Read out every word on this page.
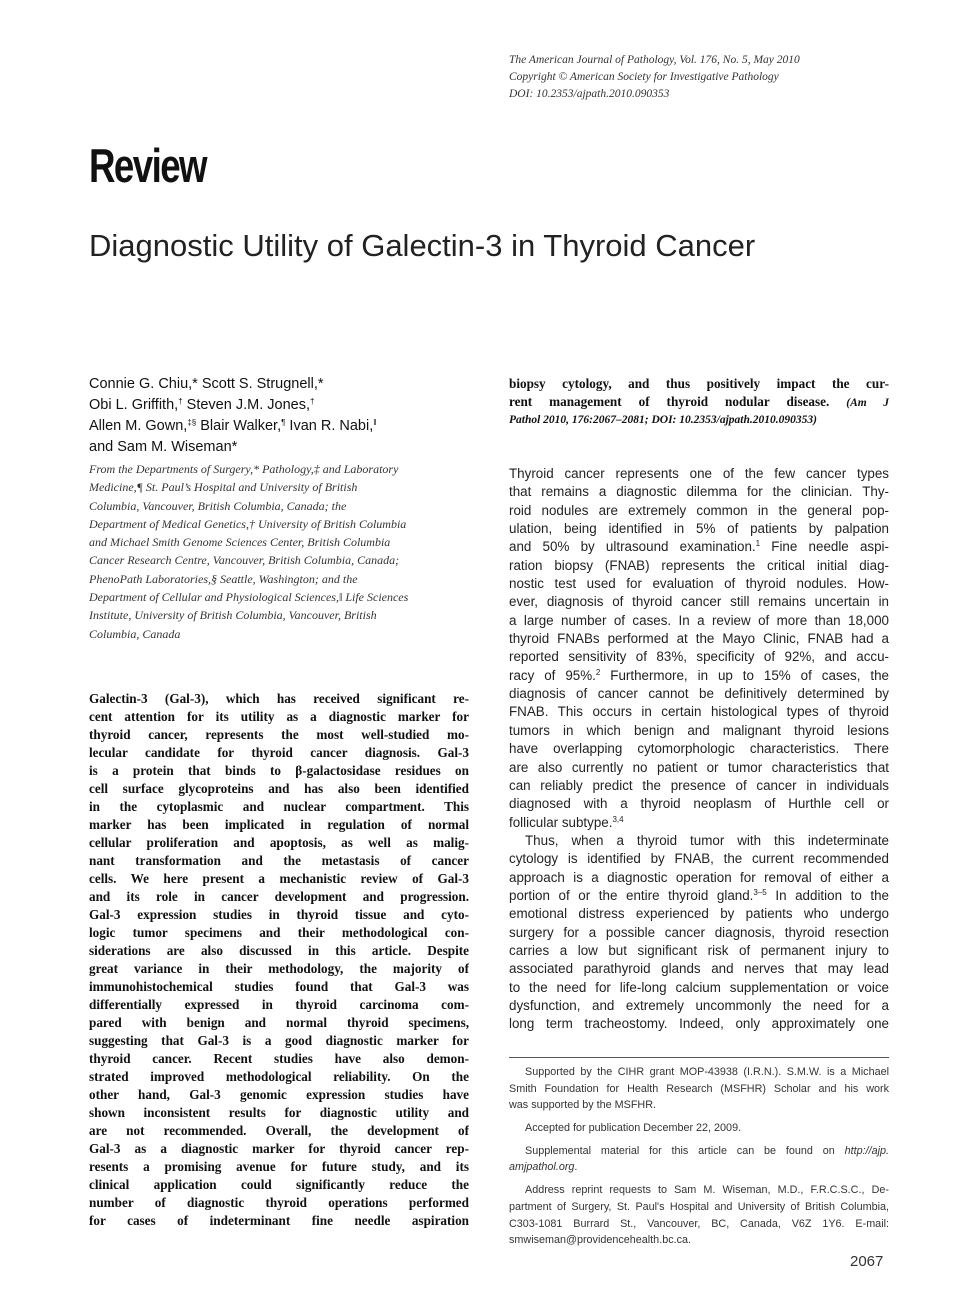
The American Journal of Pathology, Vol. 176, No. 5, May 2010
Copyright © American Society for Investigative Pathology
DOI: 10.2353/ajpath.2010.090353
Review
Diagnostic Utility of Galectin-3 in Thyroid Cancer
Connie G. Chiu,* Scott S. Strugnell,*
Obi L. Griffith,† Steven J.M. Jones,†
Allen M. Gown,‡§ Blair Walker,¶ Ivan R. Nabi,‖
and Sam M. Wiseman*
From the Departments of Surgery,* Pathology,‡ and Laboratory
Medicine,¶ St. Paul’s Hospital and University of British
Columbia, Vancouver, British Columbia, Canada; the
Department of Medical Genetics,† University of British Columbia
and Michael Smith Genome Sciences Center, British Columbia
Cancer Research Centre, Vancouver, British Columbia, Canada;
PhenoPath Laboratories,§ Seattle, Washington; and the
Department of Cellular and Physiological Sciences,‖ Life Sciences
Institute, University of British Columbia, Vancouver, British
Columbia, Canada
Galectin-3 (Gal-3), which has received significant re-
cent attention for its utility as a diagnostic marker for
thyroid cancer, represents the most well-studied mo-
lecular candidate for thyroid cancer diagnosis. Gal-3
is a protein that binds to β-galactosidase residues on
cell surface glycoproteins and has also been identified
in the cytoplasmic and nuclear compartment. This
marker has been implicated in regulation of normal
cellular proliferation and apoptosis, as well as malig-
nant transformation and the metastasis of cancer
cells. We here present a mechanistic review of Gal-3
and its role in cancer development and progression.
Gal-3 expression studies in thyroid tissue and cyto-
logic tumor specimens and their methodological con-
siderations are also discussed in this article. Despite
great variance in their methodology, the majority of
immunohistochemical studies found that Gal-3 was
differentially expressed in thyroid carcinoma com-
pared with benign and normal thyroid specimens,
suggesting that Gal-3 is a good diagnostic marker for
thyroid cancer. Recent studies have also demon-
strated improved methodological reliability. On the
other hand, Gal-3 genomic expression studies have
shown inconsistent results for diagnostic utility and
are not recommended. Overall, the development of
Gal-3 as a diagnostic marker for thyroid cancer rep-
resents a promising avenue for future study, and its
clinical application could significantly reduce the
number of diagnostic thyroid operations performed
for cases of indeterminant fine needle aspiration
biopsy cytology, and thus positively impact the cur-
rent management of thyroid nodular disease. (Am J
Pathol 2010, 176:2067–2081; DOI: 10.2353/ajpath.2010.090353)
Thyroid cancer represents one of the few cancer types
that remains a diagnostic dilemma for the clinician. Thy-
roid nodules are extremely common in the general pop-
ulation, being identified in 5% of patients by palpation
and 50% by ultrasound examination.$^1$ Fine needle aspi-
ration biopsy (FNAB) represents the critical initial diag-
nostic test used for evaluation of thyroid nodules. How-
ever, diagnosis of thyroid cancer still remains uncertain in
a large number of cases. In a review of more than 18,000
thyroid FNABs performed at the Mayo Clinic, FNAB had a
reported sensitivity of 83%, specificity of 92%, and accu-
racy of 95%.$^2$ Furthermore, in up to 15% of cases, the
diagnosis of cancer cannot be definitively determined by
FNAB. This occurs in certain histological types of thyroid
tumors in which benign and malignant thyroid lesions
have overlapping cytomorphologic characteristics. There
are also currently no patient or tumor characteristics that
can reliably predict the presence of cancer in individuals
diagnosed with a thyroid neoplasm of Hurthle cell or
follicular subtype.$^{3,4}$
Thus, when a thyroid tumor with this indeterminate
cytology is identified by FNAB, the current recommended
approach is a diagnostic operation for removal of either a
portion of or the entire thyroid gland.$^{3-5}$ In addition to the
emotional distress experienced by patients who undergo
surgery for a possible cancer diagnosis, thyroid resection
carries a low but significant risk of permanent injury to
associated parathyroid glands and nerves that may lead
to the need for life-long calcium supplementation or voice
dysfunction, and extremely uncommonly the need for a
long term tracheostomy. Indeed, only approximately one
Supported by the CIHR grant MOP-43938 (I.R.N.). S.M.W. is a Michael
Smith Foundation for Health Research (MSFHR) Scholar and his work
was supported by the MSFHR.
Accepted for publication December 22, 2009.
Supplemental material for this article can be found on http://ajp.
amjpathol.org.
Address reprint requests to Sam M. Wiseman, M.D., F.R.C.S.C., De-
partment of Surgery, St. Paul's Hospital and University of British Columbia,
C303-1081 Burrard St., Vancouver, BC, Canada, V6Z 1Y6. E-mail:
smwiseman@providencehealth.bc.ca.
2067
